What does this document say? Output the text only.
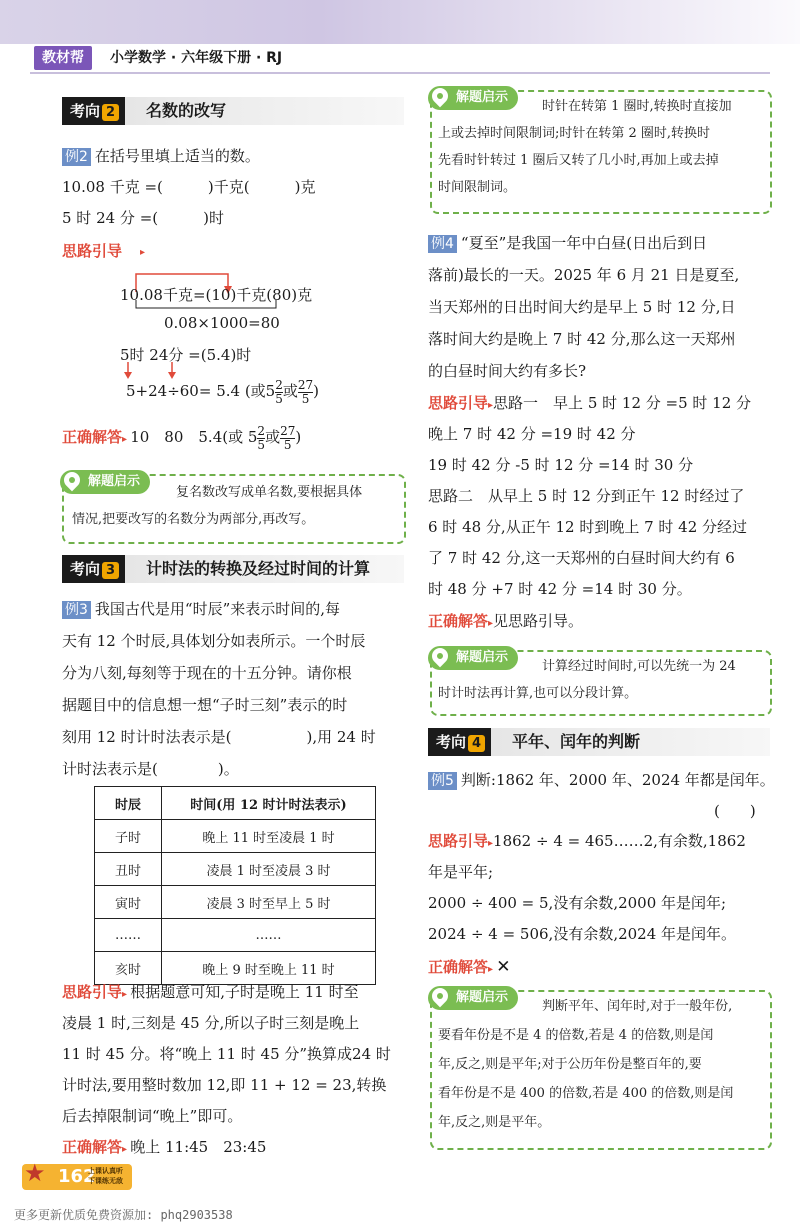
教材帮	小学数学 · 六年级下册 · RJ
考向 2	名数的改写
例2 在括号里填上适当的数。
10.08 千克 =(　　　)千克(　　　)克
5 时 24 分 =(　　　)时
思路引导 ▸
10.08千克=(10)千克(80)克
0.08×1000=80
5时 24分 =(5.4)时
5+24÷60= 5.4 (或$5 \frac{2}{5}$ 或 $\frac{27}{5}$ )
正确解答▸ 10　80　5.4(或 $5 \frac{2}{5}$ 或 $\frac{27}{5}$ )
解题启示
复名数改写成单名数,要根据具体
情况,把要改写的名数分为两部分,再改写。
考向 3	计时法的转换及经过时间的计算
例3 我国古代是用“时辰”来表示时间的,每
天有 12 个时辰,具体划分如表所示。一个时辰
分为八刻,每刻等于现在的十五分钟。请你根
据题目中的信息想一想“子时三刻”表示的时
刻用 12 时计时法表示是(　　　　　),用 24 时
计时法表示是(　　　　)。
时辰	时间(用 12 时计时法表示)
子时	晚上 11 时至凌晨 1 时
丑时	凌晨 1 时至凌晨 3 时
寅时	凌晨 3 时至早上 5 时
……	……
亥时	晚上 9 时至晚上 11 时
思路引导▸ 根据题意可知,子时是晚上 11 时至
凌晨 1 时,三刻是 45 分,所以子时三刻是晚上
11 时 45 分。将“晚上 11 时 45 分”换算成24 时
计时法,要用整时数加 12,即 11 + 12 = 23,转换
后去掉限制词“晚上”即可。
正确解答▸ 晚上 11:45　23:45
解题启示
时针在转第 1 圈时,转换时直接加
上或去掉时间限制词;时针在转第 2 圈时,转换时
先看时针转过 1 圈后又转了几小时,再加上或去掉
时间限制词。
例4 “夏至”是我国一年中白昼(日出后到日
落前)最长的一天。2025 年 6 月 21 日是夏至,
当天郑州的日出时间大约是早上 5 时 12 分,日
落时间大约是晚上 7 时 42 分,那么这一天郑州
的白昼时间大约有多长?
思路引导▸思路一　早上 5 时 12 分 =5 时 12 分
晚上 7 时 42 分 =19 时 42 分
19 时 42 分 -5 时 12 分 =14 时 30 分
思路二　从早上 5 时 12 分到正午 12 时经过了
6 时 48 分,从正午 12 时到晚上 7 时 42 分经过
了 7 时 42 分,这一天郑州的白昼时间大约有 6
时 48 分 +7 时 42 分 =14 时 30 分。
正确解答▸见思路引导。
解题启示
计算经过时间时,可以先统一为 24
时计时法再计算,也可以分段计算。
考向 4	平年、闰年的判断
例5 判断:1862 年、2000 年、2024 年都是闰年。
(　　)
思路引导▸1862 ÷ 4 = 465……2,有余数,1862
年是平年;
2000 ÷ 400 = 5,没有余数,2000 年是闰年;
2024 ÷ 4 = 506,没有余数,2024 年是闰年。
正确解答▸ ✕
解题启示
判断平年、闰年时,对于一般年份,
要看年份是不是 4 的倍数,若是 4 的倍数,则是闰
年,反之,则是平年;对于公历年份是整百年的,要
看年份是不是 400 的倍数,若是 400 的倍数,则是闰
年,反之,则是平年。
★ 162
上课认真听
下课练无敌
更多更新优质免费资源加: phq2903538
